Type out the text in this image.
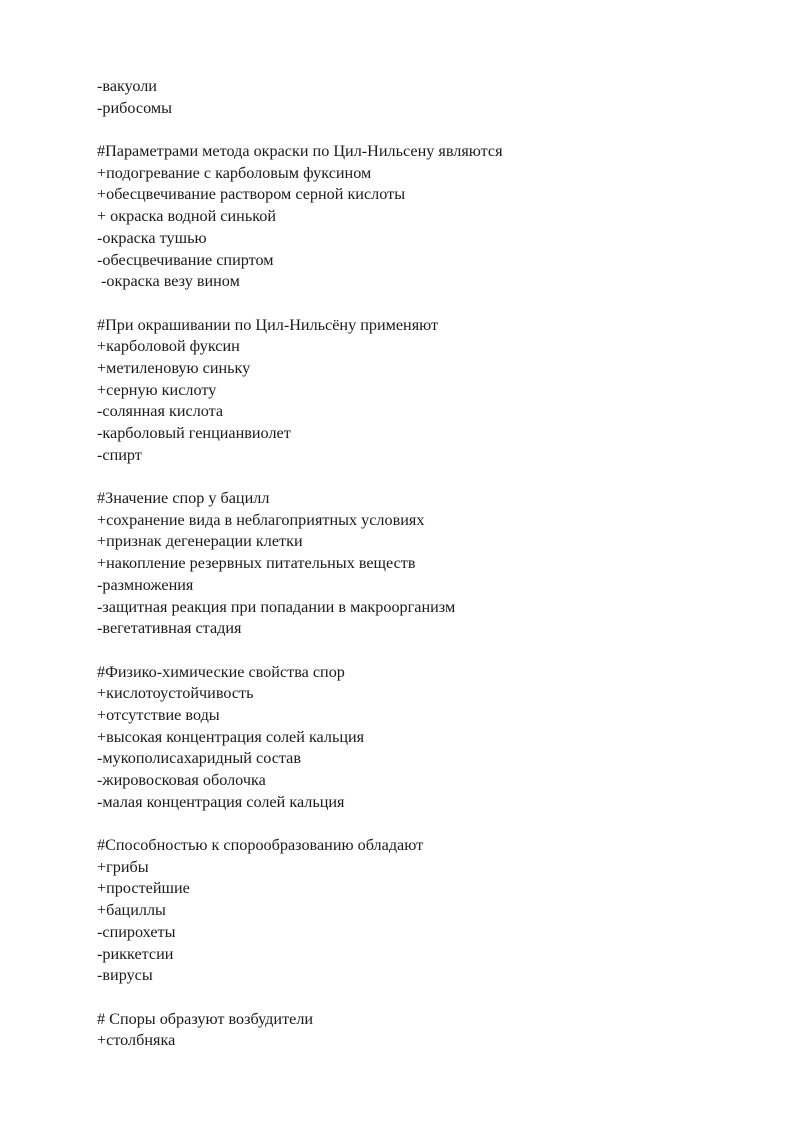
-вакуоли
-рибосомы
#Параметрами метода окраски по Цил-Нильсену являются
+подогревание с карболовым фуксином
+обесцвечивание раствором серной кислоты
+ окраска водной синькой
-окраска тушью
-обесцвечивание спиртом
-окраска везу вином
#При окрашивании по Цил-Нильсёну применяют
+карболовой фуксин
+метиленовую синьку
+серную кислоту
-солянная кислота
-карболовый генцианвиолет
-спирт
#Значение спор у бацилл
+сохранение вида в неблагоприятных условиях
+признак дегенерации клетки
+накопление резервных питательных веществ
-размножения
-защитная реакция при попадании в макроорганизм
-вегетативная стадия
#Физико-химические свойства спор
+кислотоустойчивость
+отсутствие воды
+высокая концентрация солей кальция
-мукополисахаридный состав
-жировосковая оболочка
-малая концентрация солей кальция
#Способностью к спорообразованию обладают
+грибы
+простейшие
+бациллы
-спирохеты
-риккетсии
-вирусы
# Споры образуют возбудители
+столбняка
